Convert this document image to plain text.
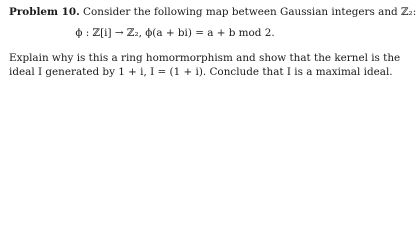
Problem 10. Consider the following map between Gaussian integers and ℤ₂:
ϕ : ℤ[i] → ℤ₂, ϕ(a + bi) = a + b mod 2.
Explain why is this a ring homormorphism and show that the kernel is the
ideal I generated by 1 + i, I = (1 + i). Conclude that I is a maximal ideal.
